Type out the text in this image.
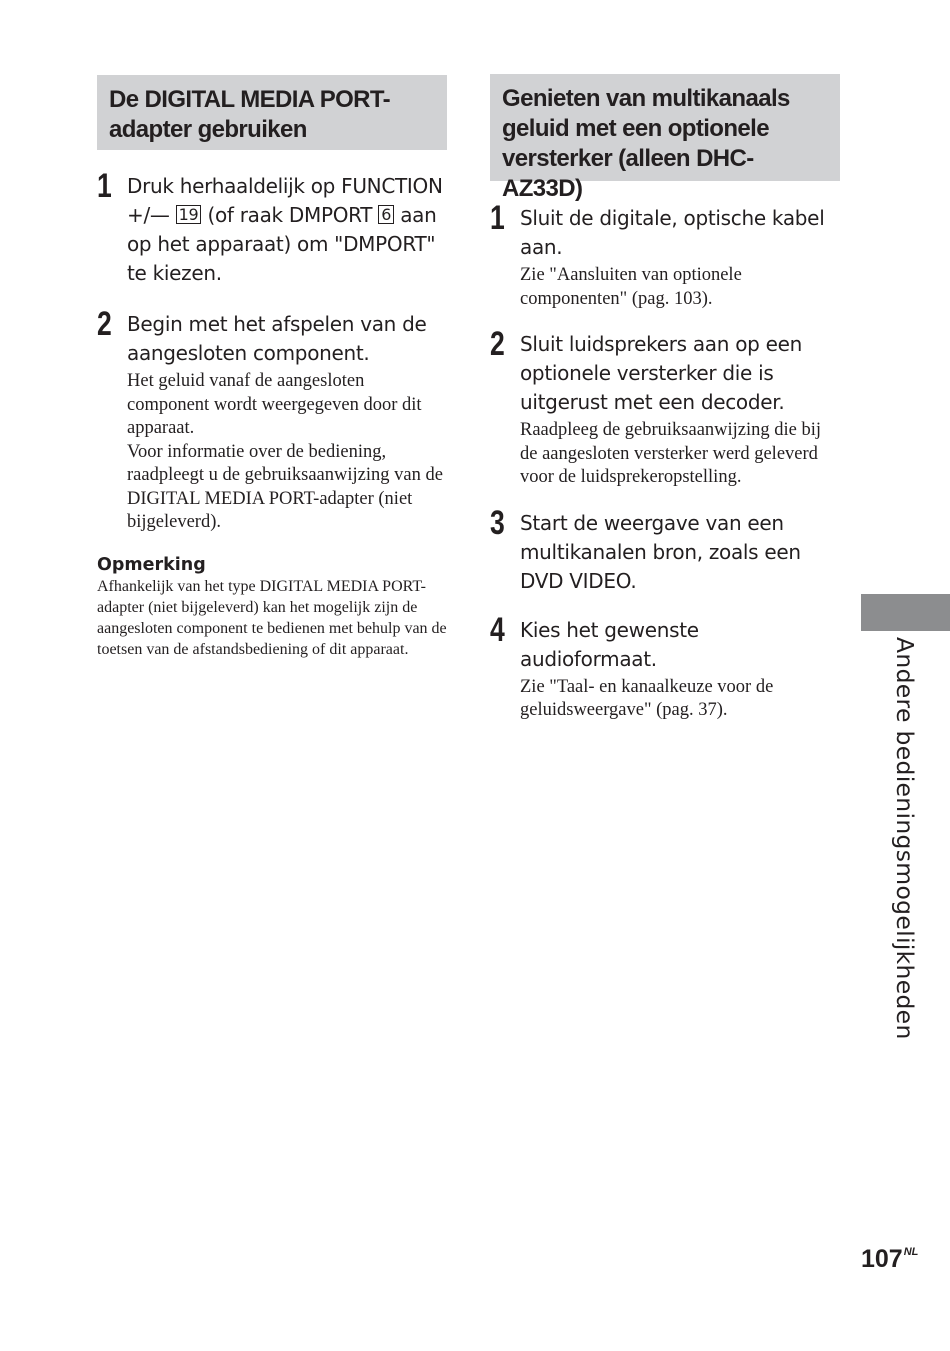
De DIGITAL MEDIA PORT-adapter gebruiken
1 Druk herhaaldelijk op FUNCTION +/— 19 (of raak DMPORT 6 aan op het apparaat) om "DMPORT" te kiezen.
2 Begin met het afspelen van de aangesloten component.
Het geluid vanaf de aangesloten component wordt weergegeven door dit apparaat.
Voor informatie over de bediening, raadpleegt u de gebruiksaanwijzing van de DIGITAL MEDIA PORT-adapter (niet bijgeleverd).
Opmerking
Afhankelijk van het type DIGITAL MEDIA PORT-adapter (niet bijgeleverd) kan het mogelijk zijn de aangesloten component te bedienen met behulp van de toetsen van de afstandsbediening of dit apparaat.
Genieten van multikanaals geluid met een optionele versterker (alleen DHC-AZ33D)
1 Sluit de digitale, optische kabel aan.
Zie "Aansluiten van optionele componenten" (pag. 103).
2 Sluit luidsprekers aan op een optionele versterker die is uitgerust met een decoder.
Raadpleeg de gebruiksaanwijzing die bij de aangesloten versterker werd geleverd voor de luidsprekeropstelling.
3 Start de weergave van een multikanalen bron, zoals een DVD VIDEO.
4 Kies het gewenste audioformaat.
Zie "Taal- en kanaalkeuze voor de geluidsweergave" (pag. 37).	Andere bedieningsmogelijkheden
$107^{NL}$
